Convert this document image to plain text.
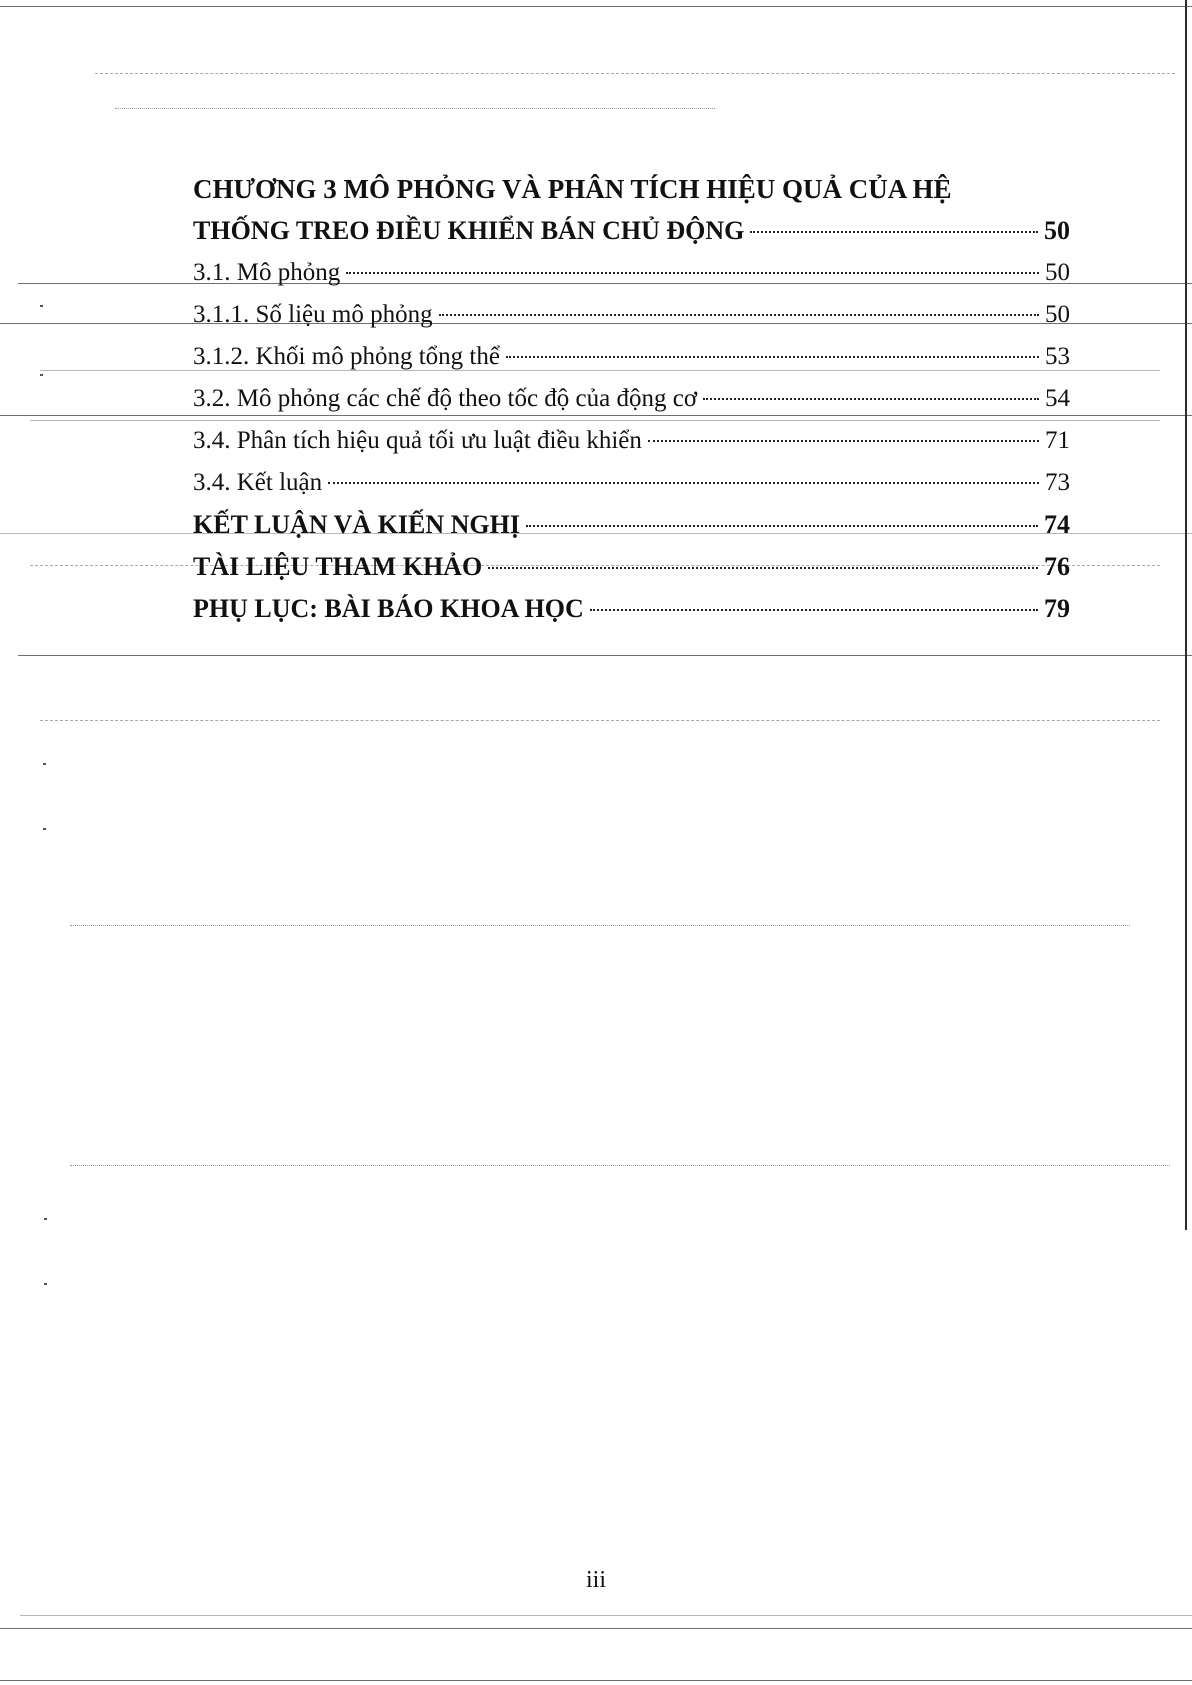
CHƯƠNG 3 MÔ PHỎNG VÀ PHÂN TÍCH HIỆU QUẢ CỦA HỆ
THỐNG TREO ĐIỀU KHIỂN BÁN CHỦ ĐỘNG	50
3.1. Mô phỏng	50
3.1.1. Số liệu mô phỏng	50
3.1.2. Khối mô phỏng tổng thể	53
3.2. Mô phỏng các chế độ theo tốc độ của động cơ	54
3.4. Phân tích hiệu quả tối ưu luật điều khiển	71
3.4. Kết luận	73
KẾT LUẬN VÀ KIẾN NGHỊ	74
TÀI LIỆU THAM KHẢO	76
PHỤ LỤC: BÀI BÁO KHOA HỌC	79
iii
